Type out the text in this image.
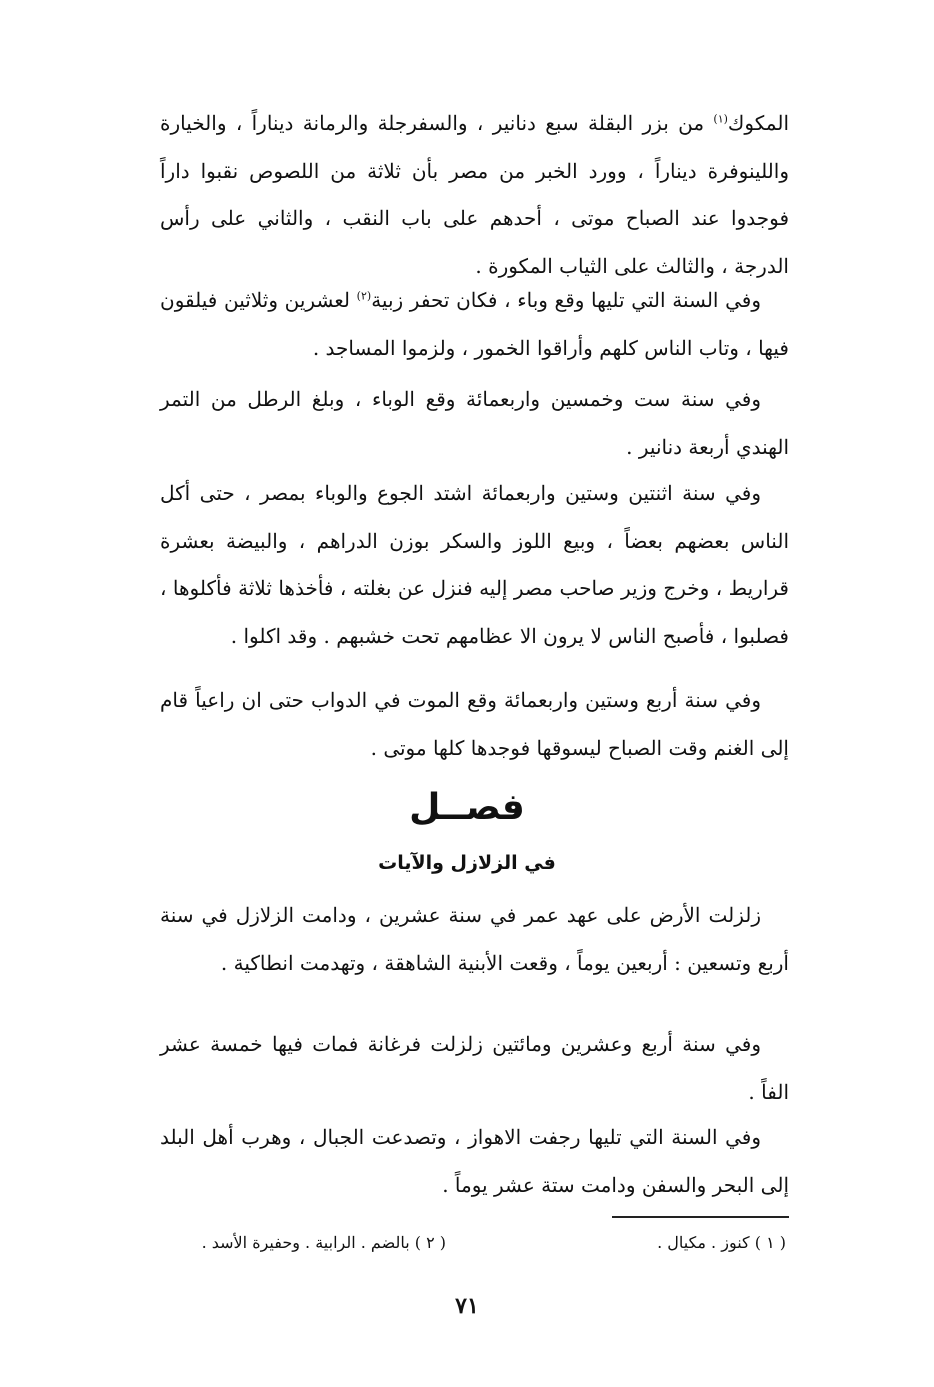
المكوك$^{(١)}$ من بزر البقلة سبع دنانير ، والسفرجلة والرمانة ديناراً ، والخيارة واللينوفرة ديناراً ، وورد الخبر من مصر بأن ثلاثة من اللصوص نقبوا داراً فوجدوا عند الصباح موتى ، أحدهم على باب النقب ، والثاني على رأس الدرجة ، والثالث على الثياب المكورة .

وفي السنة التي تليها وقع وباء ، فكان تحفر زبية$^{(٢)}$ لعشرين وثلاثين فيلقون فيها ، وتاب الناس كلهم وأراقوا الخمور ، ولزموا المساجد .

وفي سنة ست وخمسين واربعمائة وقع الوباء ، وبلغ الرطل من التمر الهندي أربعة دنانير .

وفي سنة اثنتين وستين واربعمائة اشتد الجوع والوباء بمصر ، حتى أكل الناس بعضهم بعضاً ، وبيع اللوز والسكر بوزن الدراهم ، والبيضة بعشرة قراريط ، وخرج وزير صاحب مصر إليه فنزل عن بغلته ، فأخذها ثلاثة فأكلوها ، فصلبوا ، فأصبح الناس لا يرون الا عظامهم تحت خشبهم . وقد اكلوا .

وفي سنة أربع وستين واربعمائة وقع الموت في الدواب حتى ان راعياً قام إلى الغنم وقت الصباح ليسوقها فوجدها كلها موتى .

فصــل
في الزلازل والآيات

زلزلت الأرض على عهد عمر في سنة عشرين ، ودامت الزلازل في سنة أربع وتسعين : أربعين يوماً ، وقعت الأبنية الشاهقة ، وتهدمت انطاكية .

وفي سنة أربع وعشرين ومائتين زلزلت فرغانة فمات فيها خمسة عشر الفاً .

وفي السنة التي تليها رجفت الاهواز ، وتصدعت الجبال ، وهرب أهل البلد إلى البحر والسفن ودامت ستة عشر يوماً .

( ١ ) كنوز . مكيال .

( ٢ ) بالضم . الرابية . وحفيرة الأسد .

٧١
